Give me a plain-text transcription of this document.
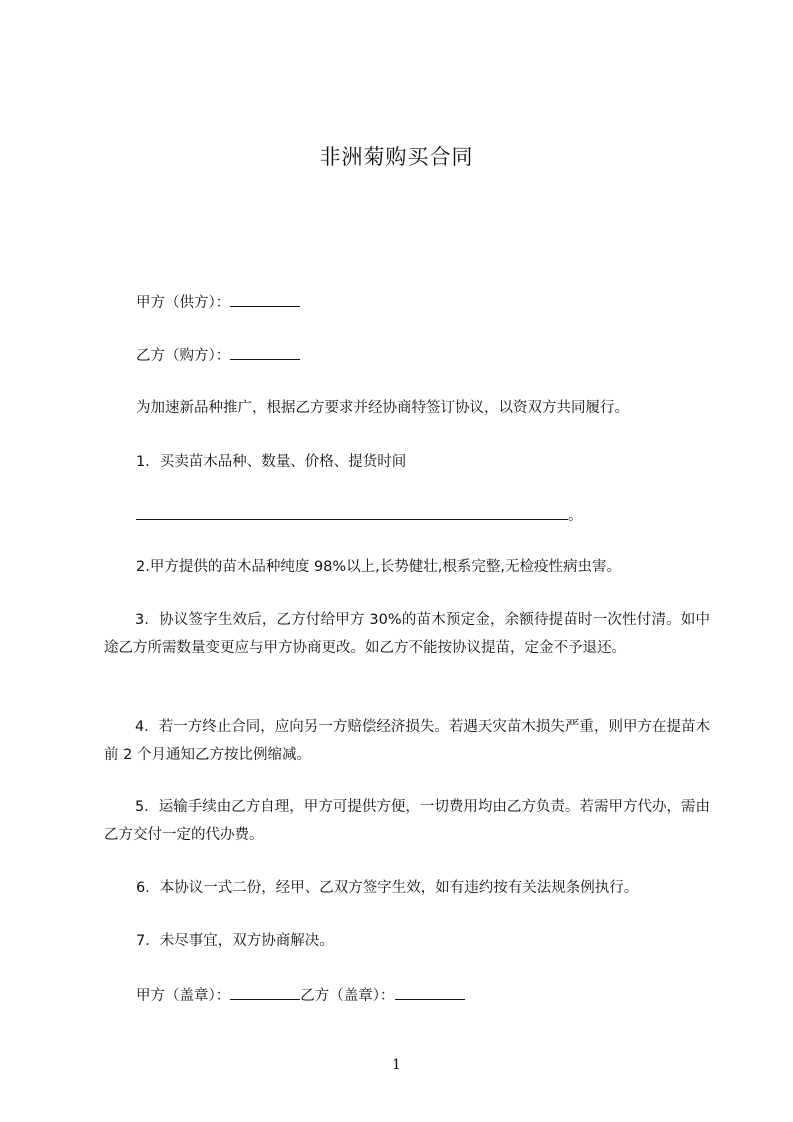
非洲菊购买合同
甲方（供方）：
乙方（购方）：
为加速新品种推广，根据乙方要求并经协商特签订协议，以资双方共同履行。
1．买卖苗木品种、数量、价格、提货时间
。
2.甲方提供的苗木品种纯度 98%以上,长势健壮,根系完整,无检疫性病虫害。
3．协议签字生效后，乙方付给甲方 30%的苗木预定金，余额待提苗时一次性付清。如中途乙方所需数量变更应与甲方协商更改。如乙方不能按协议提苗，定金不予退还。
4．若一方终止合同，应向另一方赔偿经济损失。若遇天灾苗木损失严重，则甲方在提苗木前 2 个月通知乙方按比例缩减。
5．运输手续由乙方自理，甲方可提供方便，一切费用均由乙方负责。若需甲方代办，需由乙方交付一定的代办费。
6．本协议一式二份，经甲、乙双方签字生效，如有违约按有关法规条例执行。
7．未尽事宜，双方协商解决。
甲方（盖章）：	乙方（盖章）：
1
